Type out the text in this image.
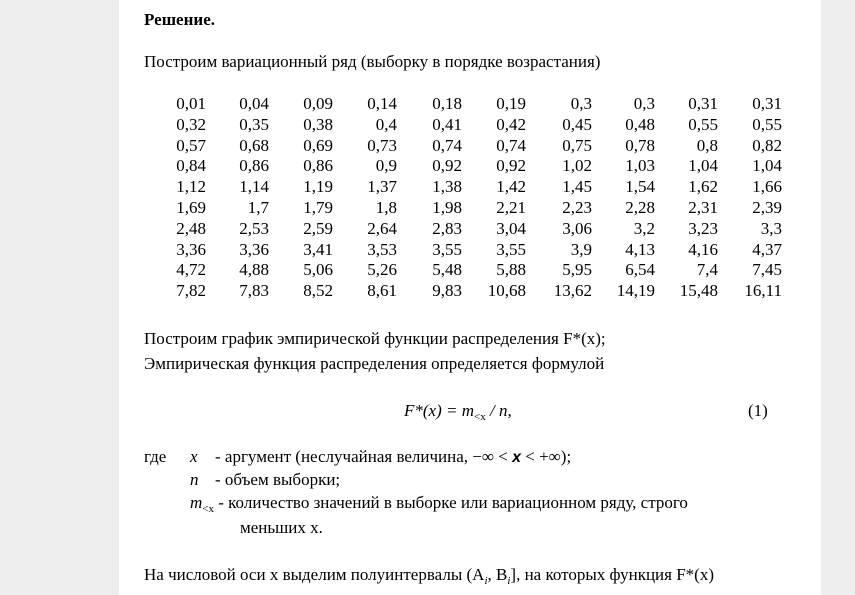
Решение.
Построим вариационный ряд (выборку в порядке возрастания)
0,01	0,04	0,09	0,14	0,18	0,19	0,3	0,3	0,31	0,31
0,32	0,35	0,38	0,4	0,41	0,42	0,45	0,48	0,55	0,55
0,57	0,68	0,69	0,73	0,74	0,74	0,75	0,78	0,8	0,82
0,84	0,86	0,86	0,9	0,92	0,92	1,02	1,03	1,04	1,04
1,12	1,14	1,19	1,37	1,38	1,42	1,45	1,54	1,62	1,66
1,69	1,7	1,79	1,8	1,98	2,21	2,23	2,28	2,31	2,39
2,48	2,53	2,59	2,64	2,83	3,04	3,06	3,2	3,23	3,3
3,36	3,36	3,41	3,53	3,55	3,55	3,9	4,13	4,16	4,37
4,72	4,88	5,06	5,26	5,48	5,88	5,95	6,54	7,4	7,45
7,82	7,83	8,52	8,61	9,83	10,68	13,62	14,19	15,48	16,11
Построим график эмпирической функции распределения F*(x);
Эмпирическая функция распределения определяется формулой
$F*(x) = m_{<x} / n$,	(1)
где x - аргумент (неслучайная величина, −∞ < x < +∞);
n - объем выборки;
$m_{<x}$ - количество значений в выборке или вариационном ряду, строго
меньших x.
На числовой оси x выделим полуинтервалы ($A_i$, $B_i$], на которых функция F*(x)
